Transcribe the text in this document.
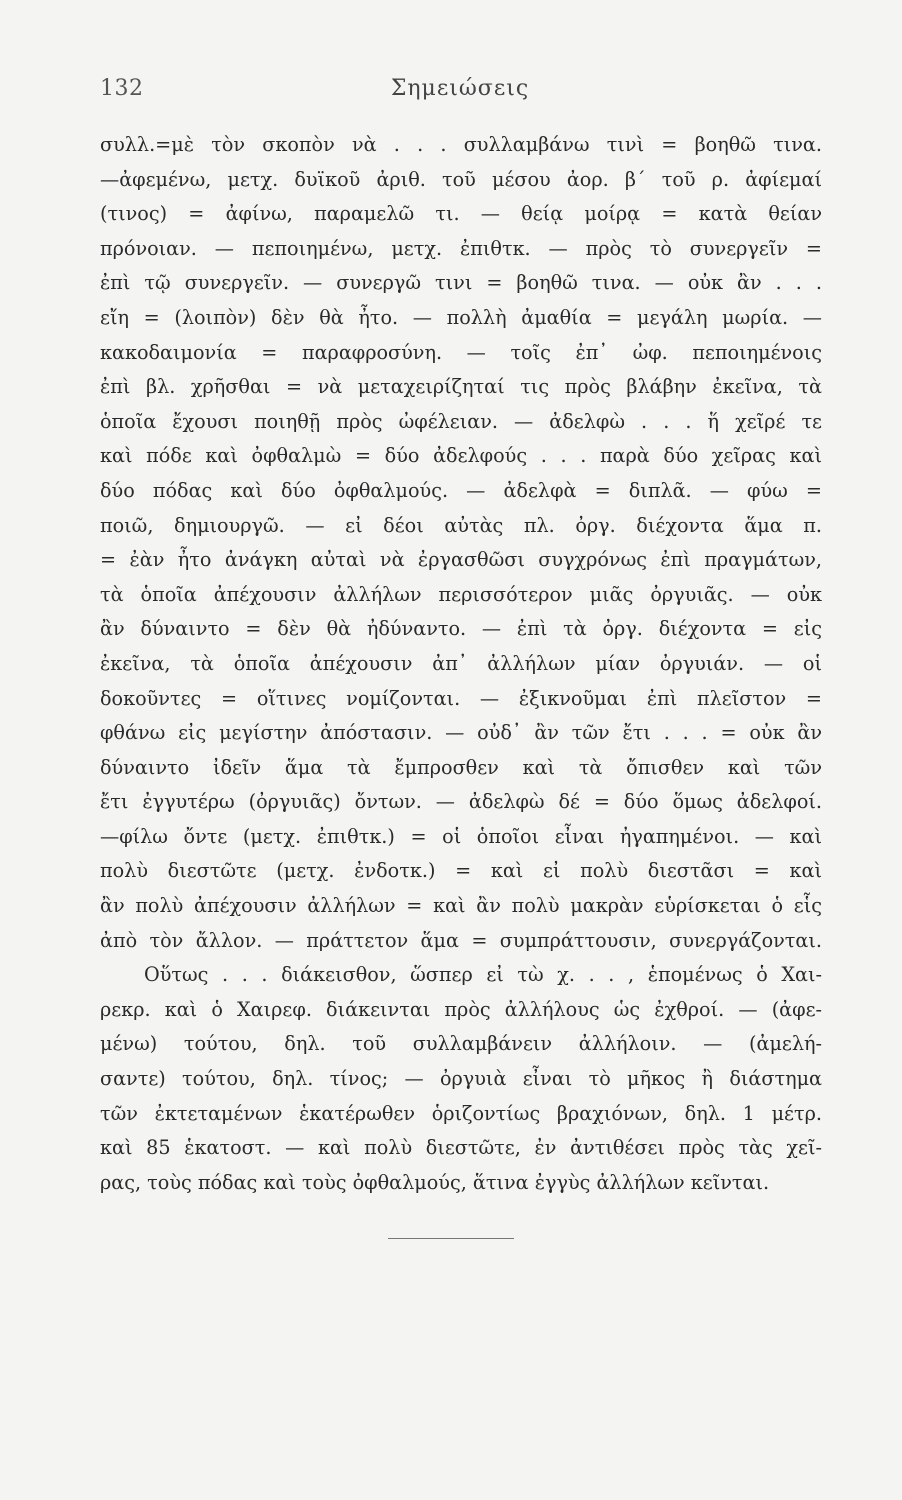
132	Σημειώσεις
συλλ.=μὲ τὸν σκοπὸν νὰ . . . συλλαμβάνω τινὶ = βοηθῶ τινα.
—ἀφεμένω, μετχ. δυϊκοῦ ἀριθ. τοῦ μέσου ἀορ. β΄ τοῦ ρ. ἀφίεμαί
(τινος) = ἀφίνω, παραμελῶ τι. — θείᾳ μοίρᾳ = κατὰ θείαν
πρόνοιαν. — πεποιημένω, μετχ. ἐπιθτκ. — πρὸς τὸ συνεργεῖν =
ἐπὶ τῷ συνεργεῖν. — συνεργῶ τινι = βοηθῶ τινα. — οὐκ ἂν . . .
εἴη = (λοιπὸν) δὲν θὰ ἦτο. — πολλὴ ἀμαθία = μεγάλη μωρία. —
κακοδαιμονία = παραφροσύνη. — τοῖς ἐπ᾿ ὠφ. πεποιημένοις
ἐπὶ βλ. χρῆσθαι = νὰ μεταχειρίζηταί τις πρὸς βλάβην ἐκεῖνα, τὰ
ὁποῖα ἔχουσι ποιηθῇ πρὸς ὠφέλειαν. — ἀδελφὼ . . . ἥ χεῖρέ τε
καὶ πόδε καὶ ὀφθαλμὼ = δύο ἀδελφούς . . . παρὰ δύο χεῖρας καὶ
δύο πόδας καὶ δύο ὀφθαλμούς. — ἀδελφὰ = διπλᾶ. — φύω =
ποιῶ, δημιουργῶ. — εἰ δέοι αὐτὰς πλ. ὀργ. διέχοντα ἅμα π.
= ἐὰν ἦτο ἀνάγκη αὐταὶ νὰ ἐργασθῶσι συγχρόνως ἐπὶ πραγμάτων,
τὰ ὁποῖα ἀπέχουσιν ἀλλήλων περισσότερον μιᾶς ὀργυιᾶς. — οὐκ
ἂν δύναιντο = δὲν θὰ ἠδύναντο. — ἐπὶ τὰ ὀργ. διέχοντα = εἰς
ἐκεῖνα, τὰ ὁποῖα ἀπέχουσιν ἀπ᾿ ἀλλήλων μίαν ὀργυιάν. — οἱ
δοκοῦντες = οἵτινες νομίζονται. — ἐξικνοῦμαι ἐπὶ πλεῖστον =
φθάνω εἰς μεγίστην ἀπόστασιν. — οὐδ᾿ ἂν τῶν ἔτι . . . = οὐκ ἂν
δύναιντο ἰδεῖν ἅμα τὰ ἔμπροσθεν καὶ τὰ ὄπισθεν καὶ τῶν
ἔτι ἐγγυτέρω (ὀργυιᾶς) ὄντων. — ἀδελφὼ δέ = δύο ὅμως ἀδελφοί.
—φίλω ὄντε (μετχ. ἐπιθτκ.) = οἱ ὁποῖοι εἶναι ἠγαπημένοι. — καὶ
πολὺ διεστῶτε (μετχ. ἐνδοτκ.) = καὶ εἰ πολὺ διεστᾶσι = καὶ
ἂν πολὺ ἀπέχουσιν ἀλλήλων = καὶ ἂν πολὺ μακρὰν εὑρίσκεται ὁ εἷς
ἀπὸ τὸν ἄλλον. — πράττετον ἅμα = συμπράττουσιν, συνεργάζονται.
Οὕτως . . . διάκεισθον, ὥσπερ εἰ τὼ χ. . . , ἑπομένως ὁ Χαι-
ρεκρ. καὶ ὁ Χαιρεφ. διάκεινται πρὸς ἀλλήλους ὡς ἐχθροί. — (ἀφε-
μένω) τούτου, δηλ. τοῦ συλλαμβάνειν ἀλλήλοιν. — (ἀμελή-
σαντε) τούτου, δηλ. τίνος; — ὀργυιὰ εἶναι τὸ μῆκος ἢ διάστημα
τῶν ἐκτεταμένων ἑκατέρωθεν ὁριζοντίως βραχιόνων, δηλ. 1 μέτρ.
καὶ 85 ἑκατοστ. — καὶ πολὺ διεστῶτε, ἐν ἀντιθέσει πρὸς τὰς χεῖ-
ρας, τοὺς πόδας καὶ τοὺς ὀφθαλμούς, ἅτινα ἐγγὺς ἀλλήλων κεῖνται.
